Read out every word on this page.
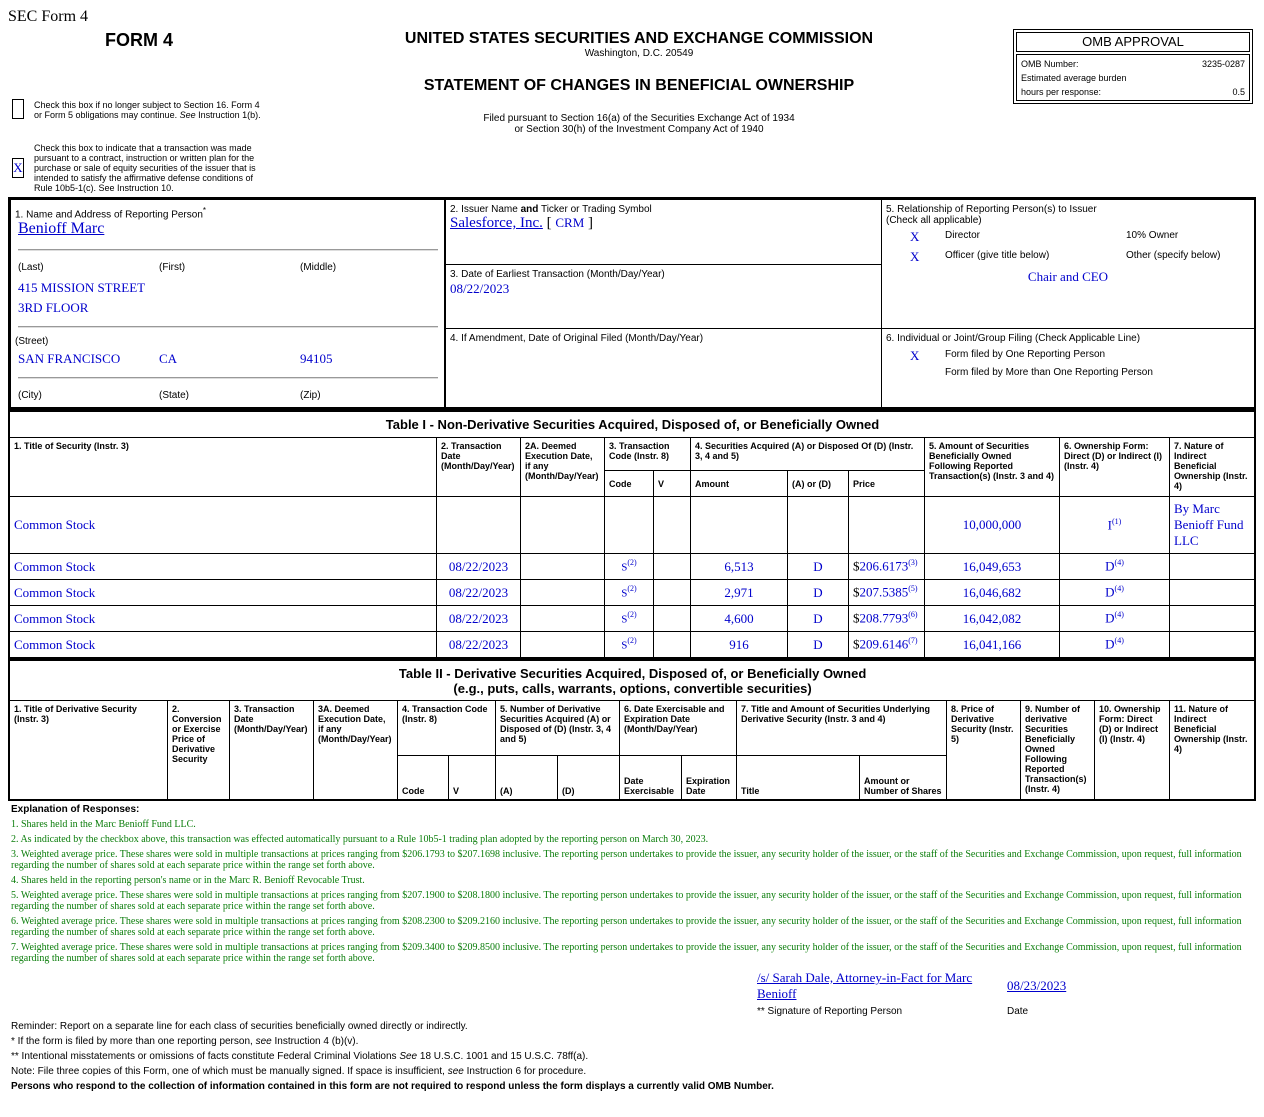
SEC Form 4
FORM 4	UNITED STATES SECURITIES AND EXCHANGE COMMISSION
Washington, D.C. 20549
STATEMENT OF CHANGES IN BENEFICIAL OWNERSHIP
Filed pursuant to Section 16(a) of the Securities Exchange Act of 1934
or Section 30(h) of the Investment Company Act of 1940
OMB APPROVAL
OMB Number:	3235-0287
Estimated average burden
hours per response:	0.5
Check this box if no longer subject to Section 16. Form 4
or Form 5 obligations may continue. See Instruction 1(b).
X
Check this box to indicate that a transaction was made pursuant to a contract, instruction or written plan for the purchase or sale of equity securities of the issuer that is intended to satisfy the affirmative defense conditions of Rule 10b5-1(c). See Instruction 10.
1. Name and Address of Reporting Person*
Benioff Marc
(Last)	(First)	(Middle)
415 MISSION STREET
3RD FLOOR
(Street)
SAN FRANCISCO	CA	94105
(City)	(State)	(Zip)
2. Issuer Name and Ticker or Trading Symbol
Salesforce, Inc. [ CRM ]
3. Date of Earliest Transaction (Month/Day/Year)
08/22/2023
4. If Amendment, Date of Original Filed (Month/Day/Year)
5. Relationship of Reporting Person(s) to Issuer
(Check all applicable)
X	Director	10% Owner
X	Officer (give title below)	Other (specify below)
Chair and CEO
6. Individual or Joint/Group Filing (Check Applicable Line)
X	Form filed by One Reporting Person
Form filed by More than One Reporting Person
Table I - Non-Derivative Securities Acquired, Disposed of, or Beneficially Owned										
1. Title of Security (Instr. 3)	2. Transaction Date (Month/Day/Year)	2A. Deemed Execution Date, if any (Month/Day/Year)	3. Transaction Code (Instr. 8)		4. Securities Acquired (A) or Disposed Of (D) (Instr. 3, 4 and 5)			5. Amount of Securities Beneficially Owned Following Reported Transaction(s) (Instr. 3 and 4)	6. Ownership Form: Direct (D) or Indirect (I) (Instr. 4)	7. Nature of Indirect Beneficial Ownership (Instr. 4)
			Code	V	Amount	(A) or (D)	Price			
Common Stock								10,000,000	$I^{(1)}$	By Marc Benioff Fund LLC
Common Stock	08/22/2023		$S^{(2)}$		6,513	D	$206.6173$^{(3)}$	16,049,653	$D^{(4)}$	
Common Stock	08/22/2023		$S^{(2)}$		2,971	D	$207.5385$^{(5)}$	16,046,682	$D^{(4)}$	
Common Stock	08/22/2023		$S^{(2)}$		4,600	D	$208.7793$^{(6)}$	16,042,082	$D^{(4)}$	
Common Stock	08/22/2023		$S^{(2)}$		916	D	$209.6146$^{(7)}$	16,041,166	$D^{(4)}$	
Table II - Derivative Securities Acquired, Disposed of, or Beneficially Owned
(e.g., puts, calls, warrants, options, convertible securities)															
1. Title of Derivative Security (Instr. 3)	2. Conversion or Exercise Price of Derivative Security	3. Transaction Date (Month/Day/Year)	3A. Deemed Execution Date, if any (Month/Day/Year)	4. Transaction Code (Instr. 8)		5. Number of Derivative Securities Acquired (A) or Disposed of (D) (Instr. 3, 4 and 5)		6. Date Exercisable and Expiration Date (Month/Day/Year)		7. Title and Amount of Securities Underlying Derivative Security (Instr. 3 and 4)		8. Price of Derivative Security (Instr. 5)	9. Number of derivative Securities Beneficially Owned Following Reported Transaction(s) (Instr. 4)	10. Ownership Form: Direct (D) or Indirect (I) (Instr. 4)	11. Nature of Indirect Beneficial Ownership (Instr. 4)
				Code	V	(A)	(D)	Date Exercisable	Expiration Date	Title	Amount or Number of Shares				
Explanation of Responses:
1. Shares held in the Marc Benioff Fund LLC.
2. As indicated by the checkbox above, this transaction was effected automatically pursuant to a Rule 10b5-1 trading plan adopted by the reporting person on March 30, 2023.
3. Weighted average price. These shares were sold in multiple transactions at prices ranging from $206.1793 to $207.1698 inclusive. The reporting person undertakes to provide the issuer, any security holder of the issuer, or the staff of the Securities and Exchange Commission, upon request, full information regarding the number of shares sold at each separate price within the range set forth above.
4. Shares held in the reporting person's name or in the Marc R. Benioff Revocable Trust.
5. Weighted average price. These shares were sold in multiple transactions at prices ranging from $207.1900 to $208.1800 inclusive. The reporting person undertakes to provide the issuer, any security holder of the issuer, or the staff of the Securities and Exchange Commission, upon request, full information regarding the number of shares sold at each separate price within the range set forth above.
6. Weighted average price. These shares were sold in multiple transactions at prices ranging from $208.2300 to $209.2160 inclusive. The reporting person undertakes to provide the issuer, any security holder of the issuer, or the staff of the Securities and Exchange Commission, upon request, full information regarding the number of shares sold at each separate price within the range set forth above.
7. Weighted average price. These shares were sold in multiple transactions at prices ranging from $209.3400 to $209.8500 inclusive. The reporting person undertakes to provide the issuer, any security holder of the issuer, or the staff of the Securities and Exchange Commission, upon request, full information regarding the number of shares sold at each separate price within the range set forth above.
/s/ Sarah Dale, Attorney-in-Fact for Marc Benioff
08/23/2023
** Signature of Reporting Person	Date
Reminder: Report on a separate line for each class of securities beneficially owned directly or indirectly.
* If the form is filed by more than one reporting person, see Instruction 4 (b)(v).
** Intentional misstatements or omissions of facts constitute Federal Criminal Violations See 18 U.S.C. 1001 and 15 U.S.C. 78ff(a).
Note: File three copies of this Form, one of which must be manually signed. If space is insufficient, see Instruction 6 for procedure.
Persons who respond to the collection of information contained in this form are not required to respond unless the form displays a currently valid OMB Number.
